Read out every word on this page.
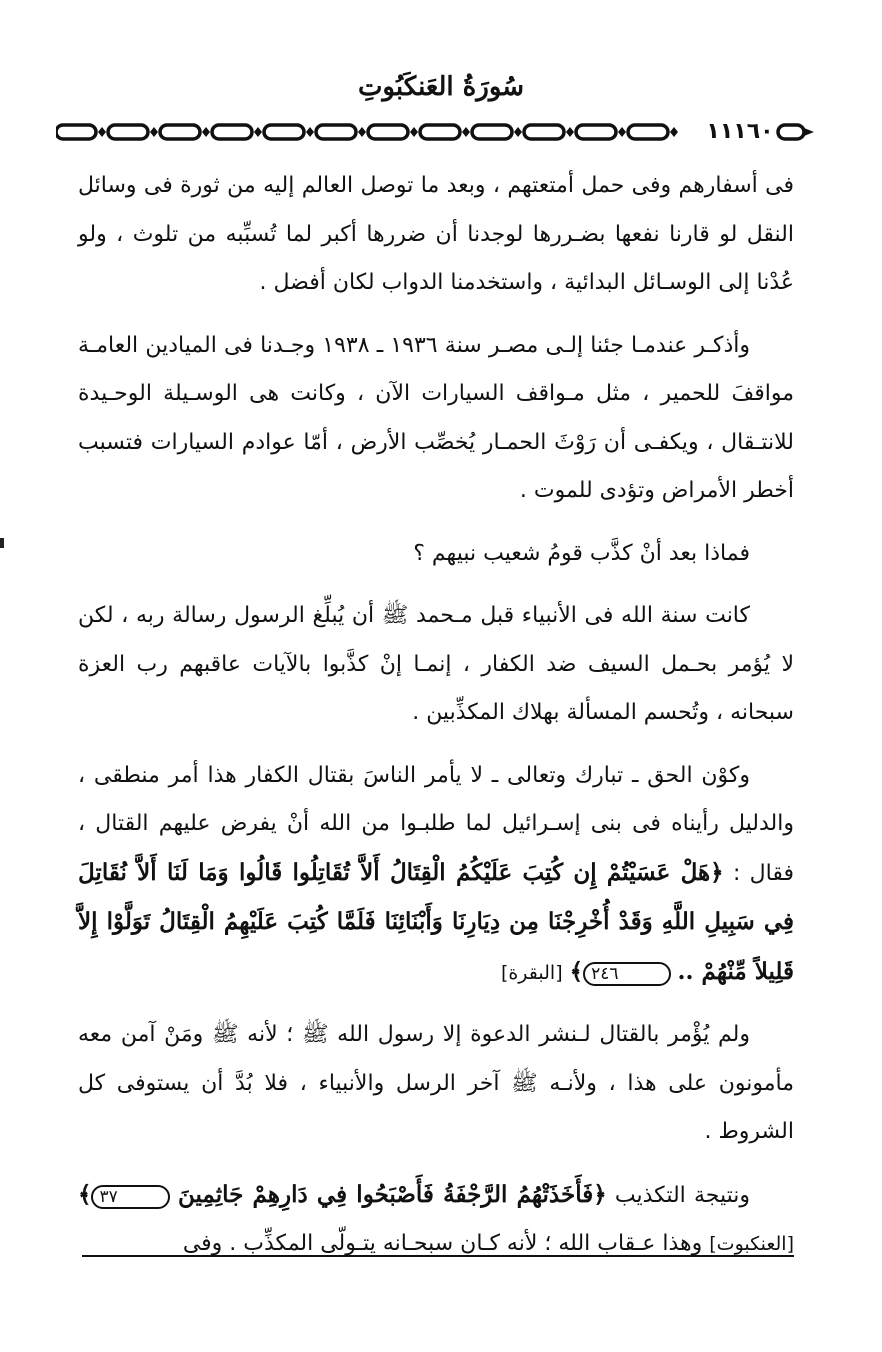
سُورَةُ العَنكَبُوتِ
١١١٦٠

فى أسفارهم وفى حمل أمتعتهم ، وبعد ما توصل العالم إليه من ثورة فى وسائل النقل لو قارنا نفعها بضـررها لوجدنا أن ضررها أكبر لما تُسبِّبه من تلوث ، ولو عُدْنا إلى الوسـائل البدائية ، واستخدمنا الدواب لكان أفضل .

وأذكـر عندمـا جئنا إلـى مصـر سنة ١٩٣٦ ـ ١٩٣٨ وجـدنا فى الميادين العامـة مواقفَ للحمير ، مثل مـواقف السيارات الآن ، وكانت هى الوسـيلة الوحـيدة للانتـقال ، ويكفـى أن رَوْثَ الحمـار يُخصِّب الأرض ، أمّا عوادم السيارات فتسبب أخطر الأمراض وتؤدى للموت .

فماذا بعد أنْ كذَّب قومُ شعيب نبيهم ؟

كانت سنة الله فى الأنبياء قبل مـحمد ﷺ أن يُبلِّغ الرسول رسالة ربه ، لكن لا يُؤمر بحـمل السيف ضد الكفار ، إنمـا إنْ كذَّبوا بالآيات عاقبهم رب العزة سبحانه ، وتُحسم المسألة بهلاك المكذِّبين .

وكوْن الحق ـ تبارك وتعالى ـ لا يأمر الناسَ بقتال الكفار هذا أمر منطقى ، والدليل رأيناه فى بنى إسـرائيل لما طلبـوا من الله أنْ يفرض عليهم القتال ، فقال : ﴿هَلْ عَسَيْتُمْ إِن كُتِبَ عَلَيْكُمُ الْقِتَالُ أَلاَّ تُقَاتِلُوا قَالُوا وَمَا لَنَا أَلاَّ نُقَاتِلَ فِي سَبِيلِ اللَّهِ وَقَدْ أُخْرِجْنَا مِن دِيَارِنَا وَأَبْنَائِنَا فَلَمَّا كُتِبَ عَلَيْهِمُ الْقِتَالُ تَوَلَّوْا إِلاَّ قَلِيلاً مِّنْهُمْ .. ٢٤٦﴾ [البقرة]

ولم يُؤْمر بالقتال لـنشر الدعوة إلا رسول الله ﷺ ؛ لأنه ﷺ ومَنْ آمن معه مأمونون على هذا ، ولأنـه ﷺ آخر الرسل والأنبياء ، فلا بُدَّ أن يستوفى كل الشروط .

ونتيجة التكذيب ﴿فَأَخَذَتْهُمُ الرَّجْفَةُ فَأَصْبَحُوا فِي دَارِهِمْ جَاثِمِينَ ٣٧﴾ [العنكبوت] وهذا عـقاب الله ؛ لأنه كـان سبحـانه يتـولّى المكذِّب . وفى
